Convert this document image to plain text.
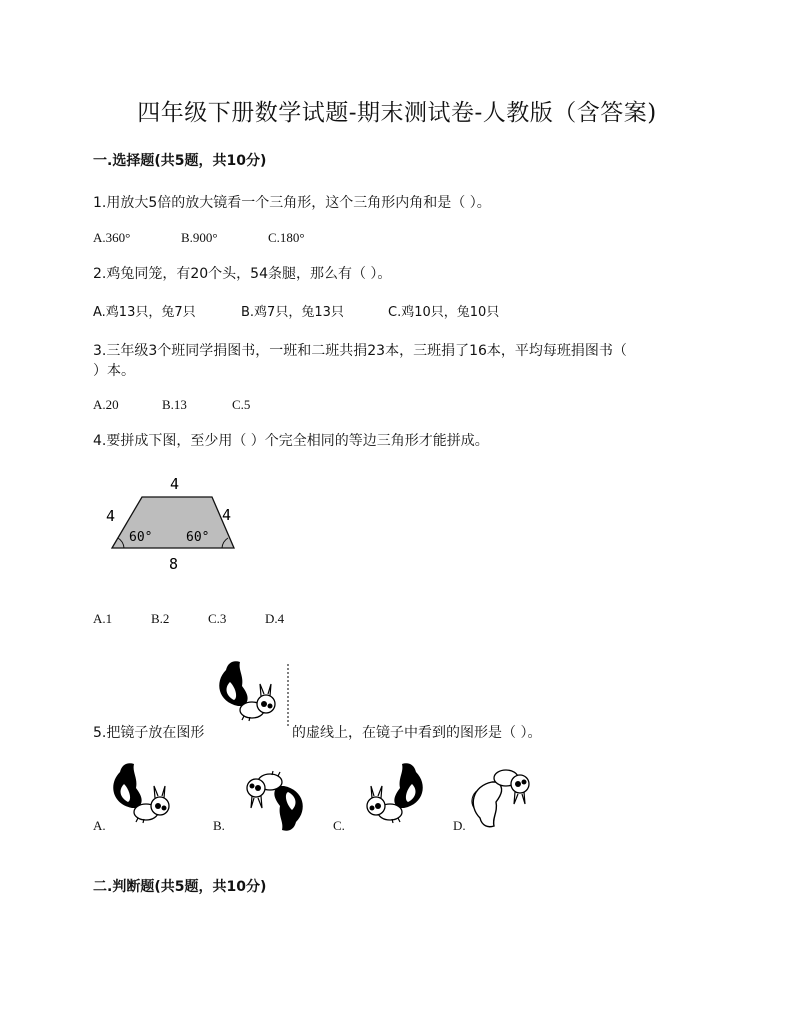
四年级下册数学试题-期末测试卷-人教版（含答案)
一.选择题(共5题，共10分)
1.用放大5倍的放大镜看一个三角形，这个三角形内角和是（ ）。
A.360°	B.900°	C.180°
2.鸡兔同笼，有20个头，54条腿，那么有（ ）。
A.鸡13只，兔7只	B.鸡7只，兔13只	C.鸡10只，兔10只
3.三年级3个班同学捐图书，一班和二班共捐23本，三班捐了16本，平均每班捐图书（
）本。
A.20	B.13	C.5
4.要拼成下图，至少用（ ）个完全相同的等边三角形才能拼成。
4
4	4
8
60°	60°
A.1	B.2	C.3	D.4
5.把镜子放在图形	的虚线上，在镜子中看到的图形是（ ）。
A.	B.	C.	D.
二.判断题(共5题，共10分)
